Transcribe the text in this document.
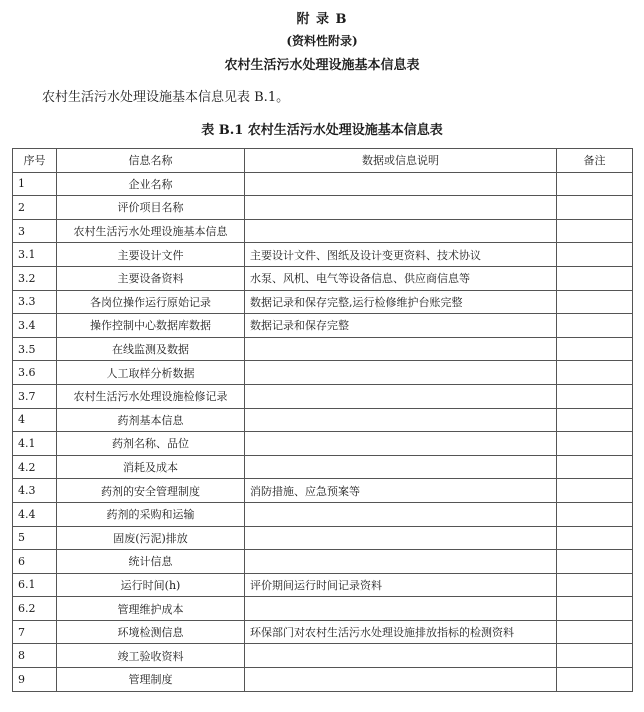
附 录 B
(资料性附录)
农村生活污水处理设施基本信息表
农村生活污水处理设施基本信息见表 B.1。
表 B.1 农村生活污水处理设施基本信息表
序号	信息名称	数据或信息说明	备注
1	企业名称		
2	评价项目名称		
3	农村生活污水处理设施基本信息		
3.1	主要设计文件	主要设计文件、图纸及设计变更资料、技术协议	
3.2	主要设备资料	水泵、风机、电气等设备信息、供应商信息等	
3.3	各岗位操作运行原始记录	数据记录和保存完整,运行检修维护台账完整	
3.4	操作控制中心数据库数据	数据记录和保存完整	
3.5	在线监测及数据		
3.6	人工取样分析数据		
3.7	农村生活污水处理设施检修记录		
4	药剂基本信息		
4.1	药剂名称、品位		
4.2	消耗及成本		
4.3	药剂的安全管理制度	消防措施、应急预案等	
4.4	药剂的采购和运输		
5	固废(污泥)排放		
6	统计信息		
6.1	运行时间(h)	评价期间运行时间记录资料	
6.2	管理维护成本		
7	环境检测信息	环保部门对农村生活污水处理设施排放指标的检测资料	
8	竣工验收资料		
9	管理制度		
